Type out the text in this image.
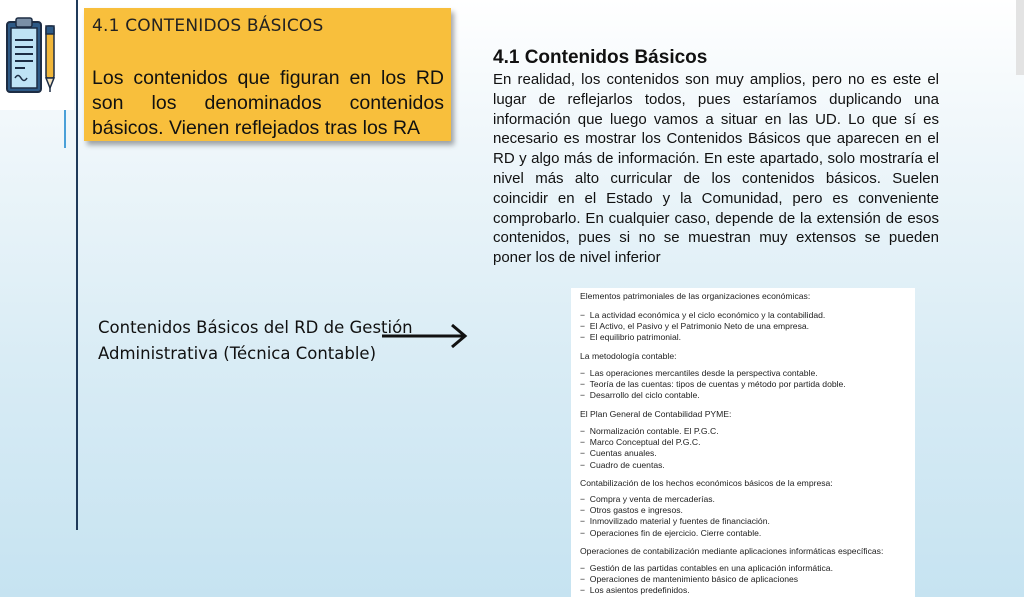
4.1 CONTENIDOS BÁSICOS
Los contenidos que figuran en los RD son los denominados contenidos básicos. Vienen reflejados tras los RA
4.1 Contenidos Básicos
En realidad, los contenidos son muy amplios, pero no es este el lugar de reflejarlos todos, pues estaríamos duplicando una información que luego vamos a situar en las UD. Lo que sí es necesario es mostrar los Contenidos Básicos que aparecen en el RD y algo más de información. En este apartado, solo mostraría el nivel más alto curricular de los contenidos básicos. Suelen coincidir en el Estado y la Comunidad, pero es conveniente comprobarlo. En cualquier caso, depende de la extensión de esos contenidos, pues si no se muestran muy extensos se pueden poner los de nivel inferior
Contenidos Básicos del RD de Gestión
Administrativa (Técnica Contable)
Elementos patrimoniales de las organizaciones económicas:
−  La actividad económica y el ciclo económico y la contabilidad.
−  El Activo, el Pasivo y el Patrimonio Neto de una empresa.
−  El equilibrio patrimonial.
La metodología contable:
−  Las operaciones mercantiles desde la perspectiva contable.
−  Teoría de las cuentas: tipos de cuentas y método por partida doble.
−  Desarrollo del ciclo contable.
El Plan General de Contabilidad PYME:
−  Normalización contable. El P.G.C.
−  Marco Conceptual del P.G.C.
−  Cuentas anuales.
−  Cuadro de cuentas.
Contabilización de los hechos económicos básicos de la empresa:
−  Compra y venta de mercaderías.
−  Otros gastos e ingresos.
−  Inmovilizado material y fuentes de financiación.
−  Operaciones fin de ejercicio. Cierre contable.
Operaciones de contabilización mediante aplicaciones informáticas específicas:
−  Gestión de las partidas contables en una aplicación informática.
−  Operaciones de mantenimiento básico de aplicaciones
−  Los asientos predefinidos.
